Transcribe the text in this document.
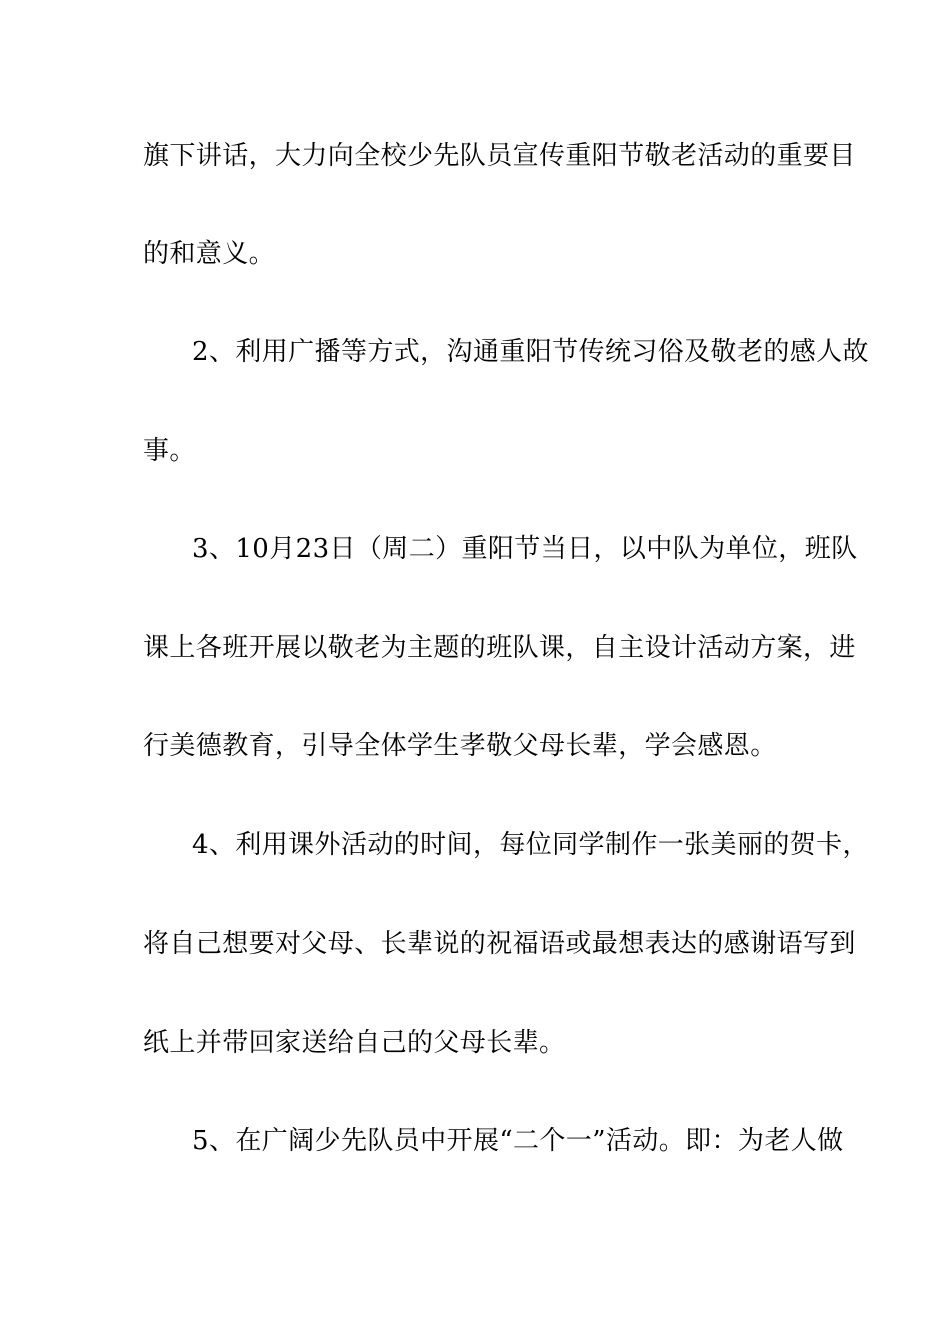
旗下讲话，大力向全校少先队员宣传重阳节敬老活动的重要目
的和意义。
2、利用广播等方式，沟通重阳节传统习俗及敬老的感人故
事。
3、10月23日（周二）重阳节当日，以中队为单位，班队
课上各班开展以敬老为主题的班队课，自主设计活动方案，进
行美德教育，引导全体学生孝敬父母长辈，学会感恩。
4、利用课外活动的时间，每位同学制作一张美丽的贺卡，
将自己想要对父母、长辈说的祝福语或最想表达的感谢语写到
纸上并带回家送给自己的父母长辈。
5、在广阔少先队员中开展“二个一”活动。即：为老人做
